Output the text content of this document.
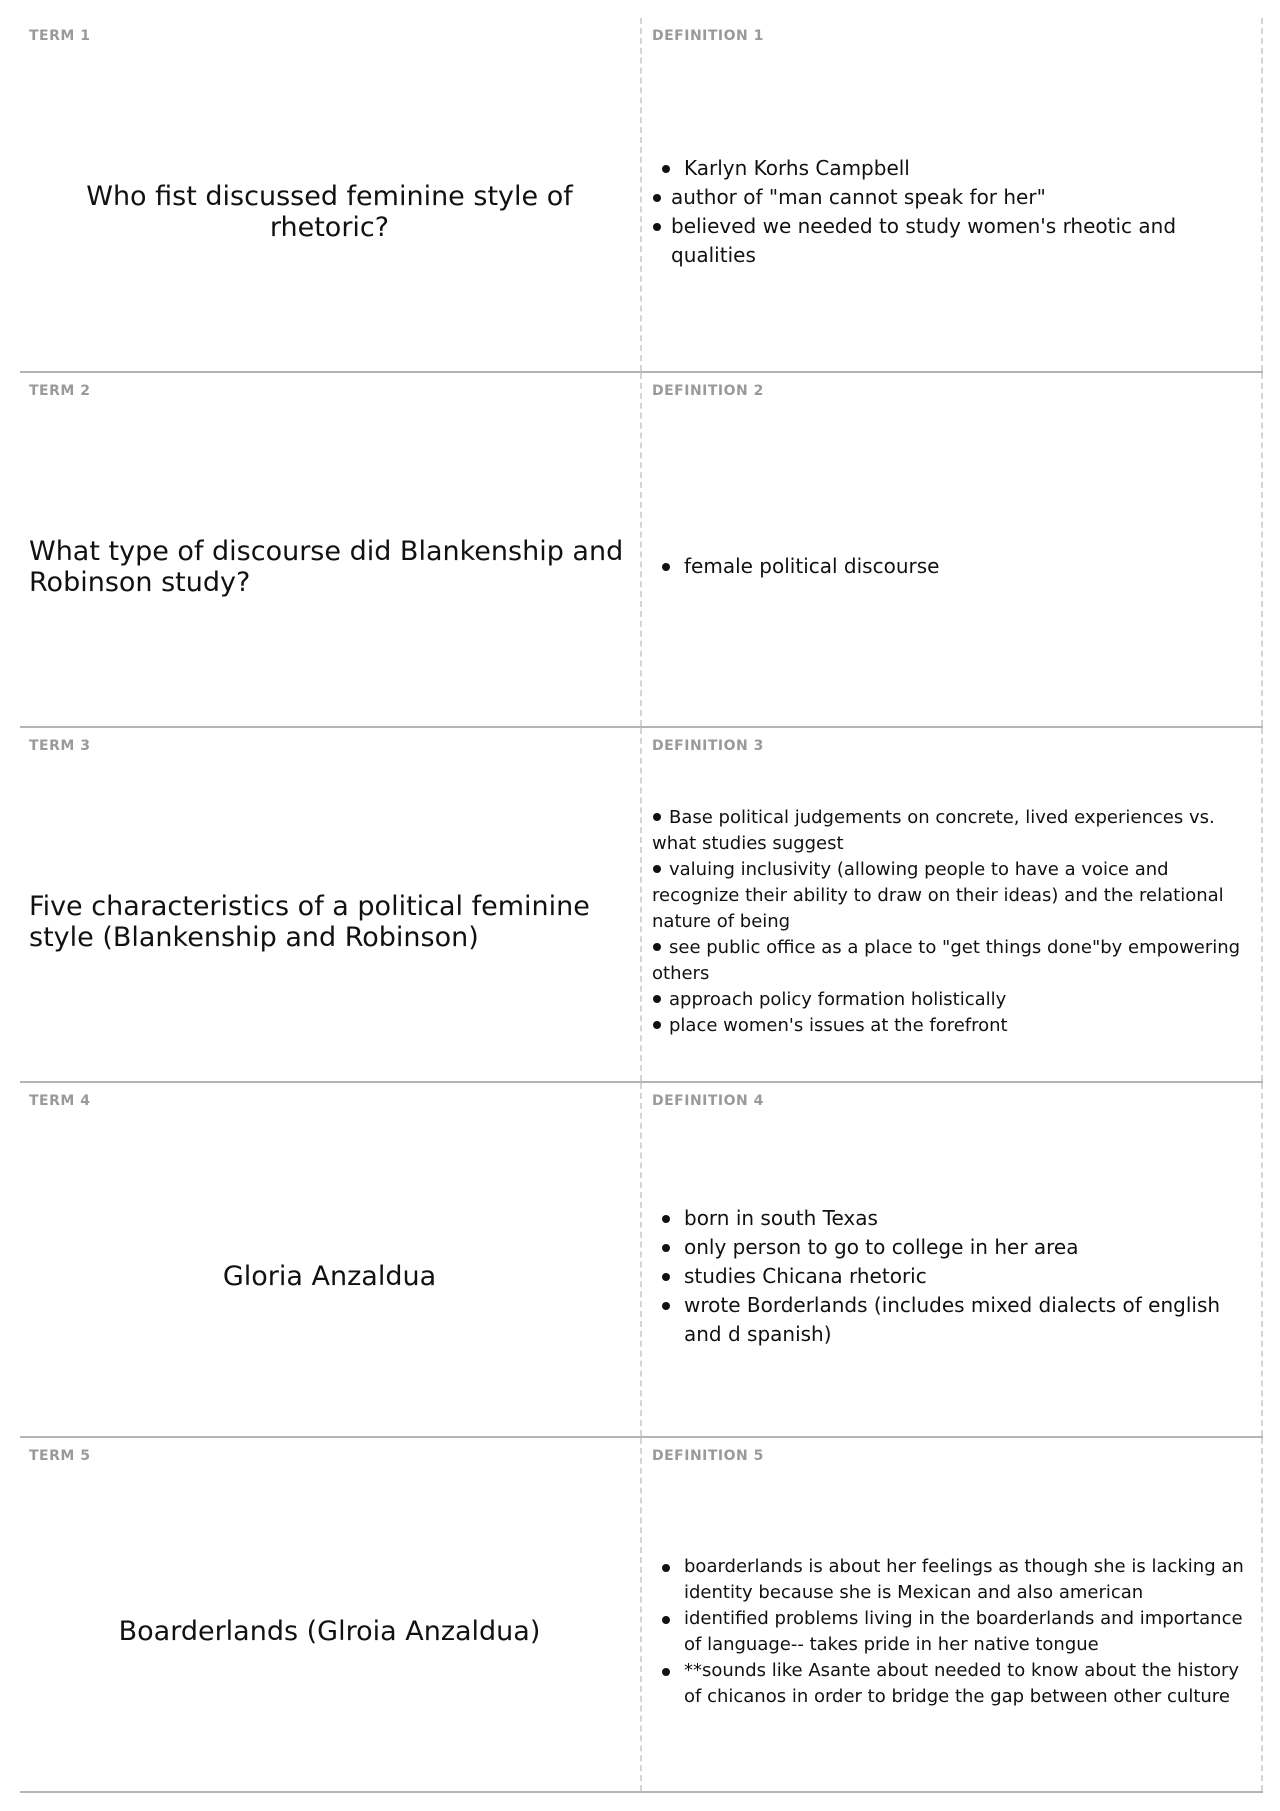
TERM 1
Who fist discussed feminine style of rhetoric?
DEFINITION 1
Karlyn Korhs Campbell
author of "man cannot speak for her"
believed we needed to study women's rheotic and qualities
TERM 2
What type of discourse did Blankenship and Robinson study?
DEFINITION 2
female political discourse
TERM 3
Five characteristics of a political feminine style (Blankenship and Robinson)
DEFINITION 3
Base political judgements on concrete, lived experiences vs. what studies suggest
valuing inclusivity (allowing people to have a voice and recognize their ability to draw on their ideas) and the relational nature of being
see public office as a place to "get things done"by empowering others
approach policy formation holistically
place women's issues at the forefront
TERM 4
Gloria Anzaldua
DEFINITION 4
born in south Texas
only person to go to college in her area
studies Chicana rhetoric
wrote Borderlands (includes mixed dialects of english and d spanish)
TERM 5
Boarderlands (Glroia Anzaldua)
DEFINITION 5
boarderlands is about her feelings as though she is lacking an identity because she is Mexican and also american
identified problems living in the boarderlands and importance of language-- takes pride in her native tongue
**sounds like Asante about needed to know about the history of chicanos in order to bridge the gap between other culture
